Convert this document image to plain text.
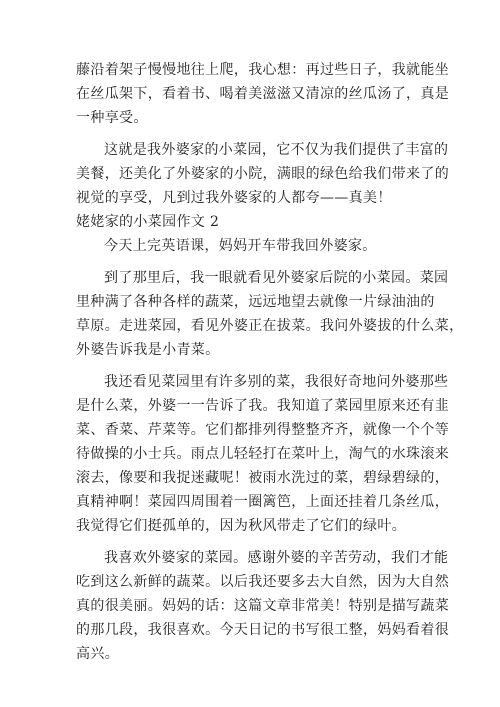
藤沿着架子慢慢地往上爬，我心想：再过些日子，我就能坐
在丝瓜架下，看着书、喝着美滋滋又清凉的丝瓜汤了，真是
一种享受。
这就是我外婆家的小菜园，它不仅为我们提供了丰富的
美餐，还美化了外婆家的小院，满眼的绿色给我们带来了的
视觉的享受，凡到过我外婆家的人都夸——真美！
姥姥家的小菜园作文 2
今天上完英语课，妈妈开车带我回外婆家。
到了那里后，我一眼就看见外婆家后院的小菜园。菜园
里种满了各种各样的蔬菜，远远地望去就像一片绿油油的
草原。走进菜园，看见外婆正在拔菜。我问外婆拔的什么菜，
外婆告诉我是小青菜。
我还看见菜园里有许多别的菜，我很好奇地问外婆那些
是什么菜，外婆一一告诉了我。我知道了菜园里原来还有韭
菜、香菜、芹菜等。它们都排列得整整齐齐，就像一个个等
待做操的小士兵。雨点儿轻轻打在菜叶上，淘气的水珠滚来
滚去，像要和我捉迷藏呢！被雨水洗过的菜，碧绿碧绿的，
真精神啊！菜园四周围着一圈篱笆，上面还挂着几条丝瓜，
我觉得它们挺孤单的，因为秋风带走了它们的绿叶。
我喜欢外婆家的菜园。感谢外婆的辛苦劳动，我们才能
吃到这么新鲜的蔬菜。以后我还要多去大自然，因为大自然
真的很美丽。妈妈的话：这篇文章非常美！特别是描写蔬菜
的那几段，我很喜欢。今天日记的书写很工整，妈妈看着很
高兴。
